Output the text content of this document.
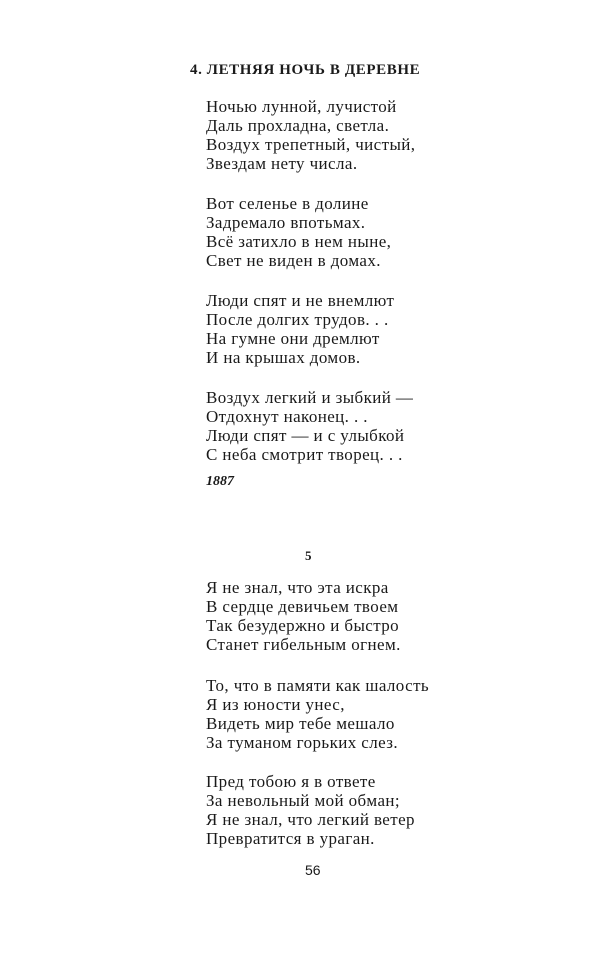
4. ЛЕТНЯЯ НОЧЬ В ДЕРЕВНЕ
Ночью лунной, лучистой
Даль прохладна, светла.
Воздух трепетный, чистый,
Звездам нету числа.
Вот селенье в долине
Задремало впотьмах.
Всё затихло в нем ныне,
Свет не виден в домах.
Люди спят и не внемлют
После долгих трудов. . .
На гумне они дремлют
И на крышах домов.
Воздух легкий и зыбкий —
Отдохнут наконец. . .
Люди спят — и с улыбкой
С неба смотрит творец. . .
1887
5
Я не знал, что эта искра
В сердце девичьем твоем
Так безудержно и быстро
Станет гибельным огнем.
То, что в памяти как шалость
Я из юности унес,
Видеть мир тебе мешало
За туманом горьких слез.
Пред тобою я в ответе
За невольный мой обман;
Я не знал, что легкий ветер
Превратится в ураган.
56
